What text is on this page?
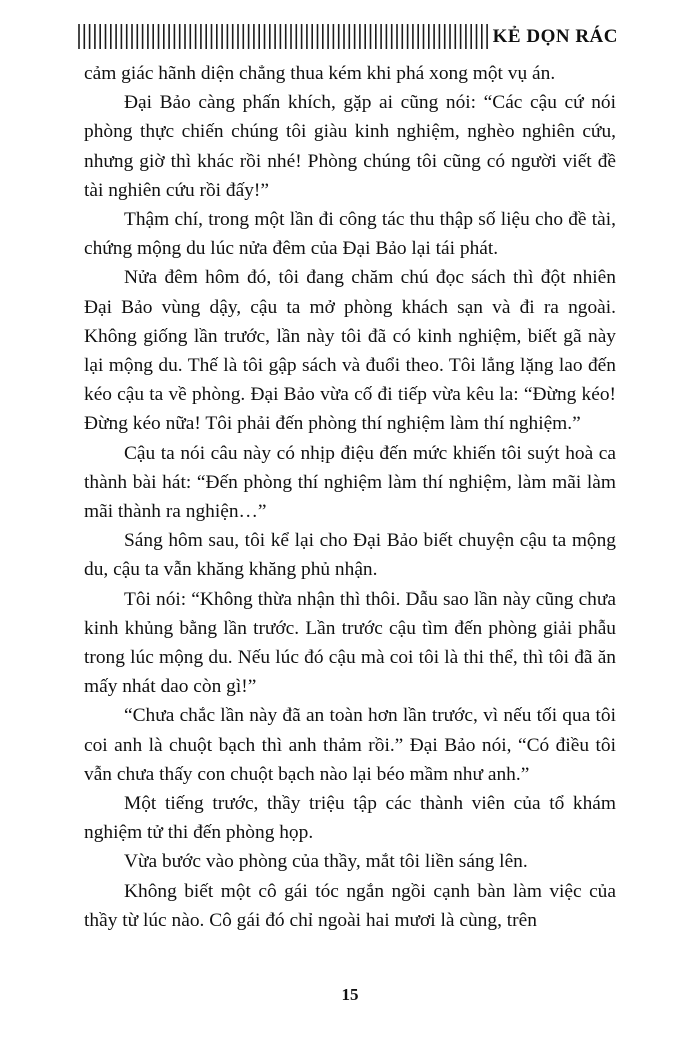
KẺ DỌN RÁC

cảm giác hãnh diện chẳng thua kém khi phá xong một vụ án.

Đại Bảo càng phấn khích, gặp ai cũng nói: “Các cậu cứ nói phòng thực chiến chúng tôi giàu kinh nghiệm, nghèo nghiên cứu, nhưng giờ thì khác rồi nhé! Phòng chúng tôi cũng có người viết đề tài nghiên cứu rồi đấy!”

Thậm chí, trong một lần đi công tác thu thập số liệu cho đề tài, chứng mộng du lúc nửa đêm của Đại Bảo lại tái phát.

Nửa đêm hôm đó, tôi đang chăm chú đọc sách thì đột nhiên Đại Bảo vùng dậy, cậu ta mở phòng khách sạn và đi ra ngoài. Không giống lần trước, lần này tôi đã có kinh nghiệm, biết gã này lại mộng du. Thế là tôi gập sách và đuổi theo. Tôi lẳng lặng lao đến kéo cậu ta về phòng. Đại Bảo vừa cố đi tiếp vừa kêu la: “Đừng kéo! Đừng kéo nữa! Tôi phải đến phòng thí nghiệm làm thí nghiệm.”

Cậu ta nói câu này có nhịp điệu đến mức khiến tôi suýt hoà ca thành bài hát: “Đến phòng thí nghiệm làm thí nghiệm, làm mãi làm mãi thành ra nghiện…”

Sáng hôm sau, tôi kể lại cho Đại Bảo biết chuyện cậu ta mộng du, cậu ta vẫn khăng khăng phủ nhận.

Tôi nói: “Không thừa nhận thì thôi. Dẫu sao lần này cũng chưa kinh khủng bằng lần trước. Lần trước cậu tìm đến phòng giải phẫu trong lúc mộng du. Nếu lúc đó cậu mà coi tôi là thi thể, thì tôi đã ăn mấy nhát dao còn gì!”

“Chưa chắc lần này đã an toàn hơn lần trước, vì nếu tối qua tôi coi anh là chuột bạch thì anh thảm rồi.” Đại Bảo nói, “Có điều tôi vẫn chưa thấy con chuột bạch nào lại béo mầm như anh.”

Một tiếng trước, thầy triệu tập các thành viên của tổ khám nghiệm tử thi đến phòng họp.

Vừa bước vào phòng của thầy, mắt tôi liền sáng lên.

Không biết một cô gái tóc ngắn ngồi cạnh bàn làm việc của thầy từ lúc nào. Cô gái đó chỉ ngoài hai mươi là cùng, trên

15
